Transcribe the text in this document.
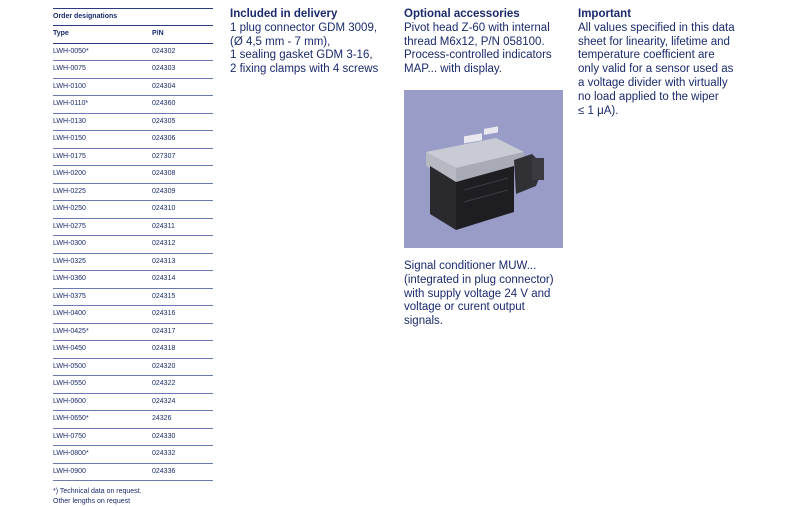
Order designations
Type	P/N
LWH-0050*	024302
LWH-0075	024303
LWH-0100	024304
LWH-0110*	024360
LWH-0130	024305
LWH-0150	024306
LWH-0175	027307
LWH-0200	024308
LWH-0225	024309
LWH-0250	024310
LWH-0275	024311
LWH-0300	024312
LWH-0325	024313
LWH-0360	024314
LWH-0375	024315
LWH-0400	024316
LWH-0425*	024317
LWH-0450	024318
LWH-0500	024320
LWH-0550	024322
LWH-0600	024324
LWH-0650*	24326
LWH-0750	024330
LWH-0800*	024332
LWH-0900	024336
*) Technical data on request.
Other lengths on request
Included in delivery

1 plug connector GDM 3009,

(Ø 4,5 mm - 7 mm),

1 sealing gasket GDM 3-16,

2 fixing clamps with 4 screws

Optional accessories

Pivot head Z-60 with internal

thread M6x12, P/N 058100.

Process-controlled indicators

MAP... with display.

Signal conditioner MUW...

(integrated in plug connector)

with supply voltage 24 V and

voltage or curent output

signals.

Important

All values specified in this data

sheet for linearity, lifetime and

temperature coefficient are

only valid for a sensor used as

a voltage divider with virtually

no load applied to the wiper

≤ 1 μA).
